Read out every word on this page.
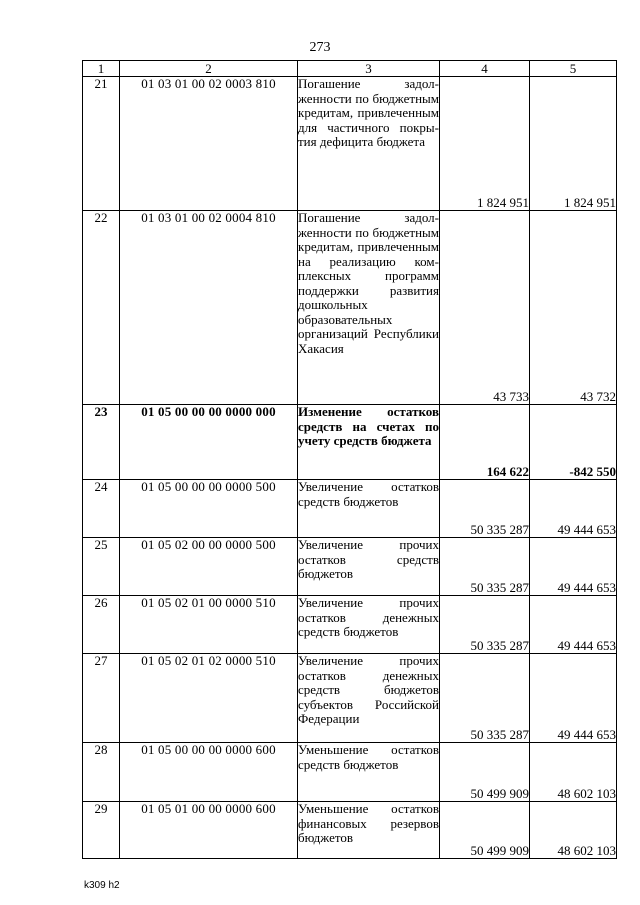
273
1	2	3	4	5
21	01 03 01 00 02 0003 810	Погашение задолженности по бюджетным кредитам, привлеченным для частичного покрытия дефицита бюджета	1 824 951	1 824 951
22	01 03 01 00 02 0004 810	Погашение задолженности по бюджетным кредитам, привлеченным на реализацию комплексных программ поддержки развития дошкольных образовательных организаций Республики Хакасия	43 733	43 732
23	01 05 00 00 00 0000 000	Изменение остатков средств на счетах по учету средств бюджета	164 622	-842 550
24	01 05 00 00 00 0000 500	Увеличение остатков средств бюджетов	50 335 287	49 444 653
25	01 05 02 00 00 0000 500	Увеличение прочих остатков средств бюджетов	50 335 287	49 444 653
26	01 05 02 01 00 0000 510	Увеличение прочих остатков денежных средств бюджетов	50 335 287	49 444 653
27	01 05 02 01 02 0000 510	Увеличение прочих остатков денежных средств бюджетов субъектов Российской Федерации	50 335 287	49 444 653
28	01 05 00 00 00 0000 600	Уменьшение остатков средств бюджетов	50 499 909	48 602 103
29	01 05 01 00 00 0000 600	Уменьшение остатков финансовых резервов бюджетов	50 499 909	48 602 103
k309 h2
